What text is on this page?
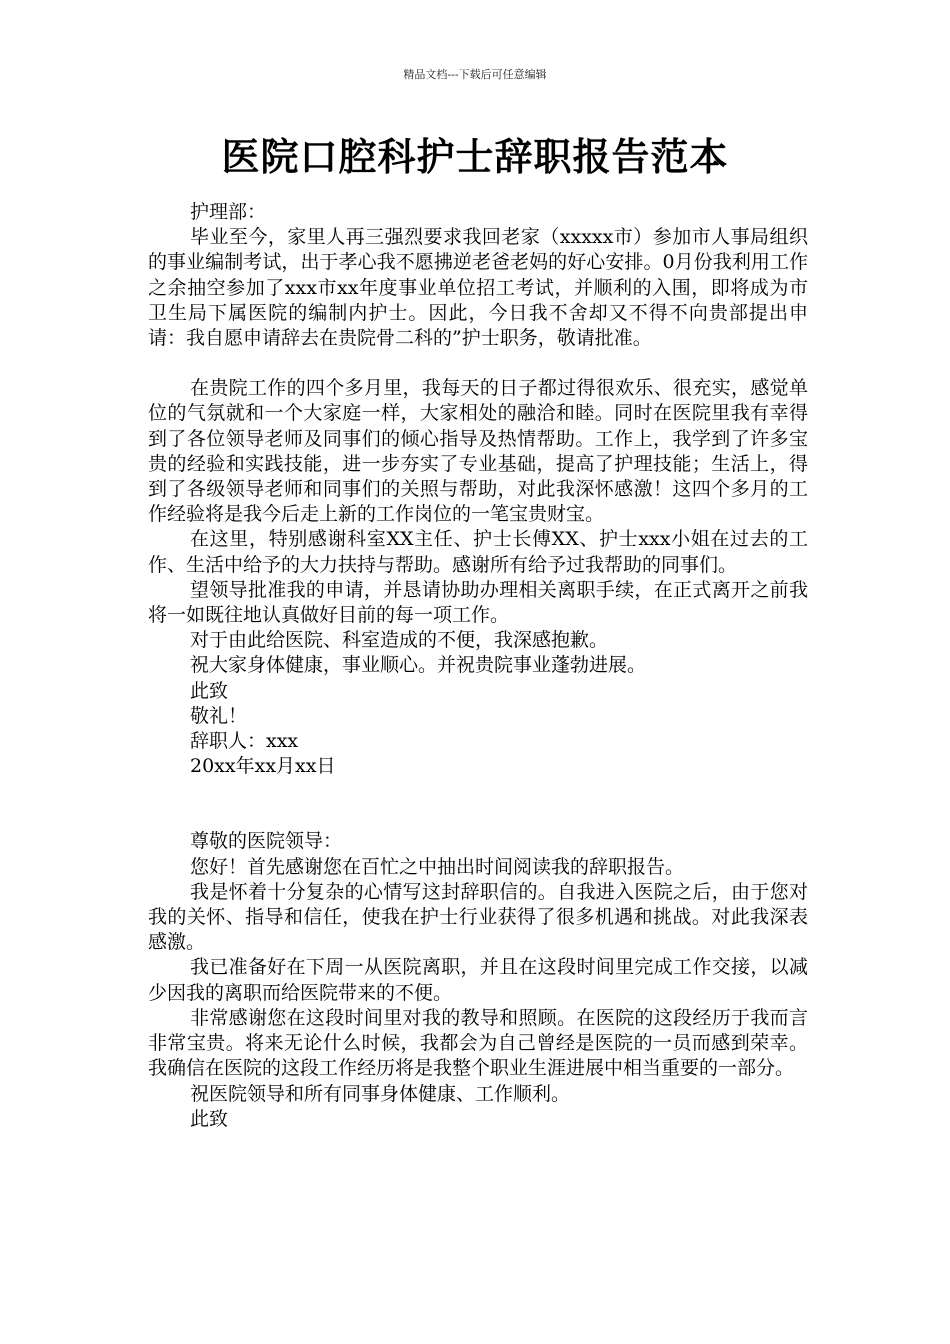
精品文档---下载后可任意编辑
医院口腔科护士辞职报告范本

护理部：

毕业至今，家里人再三强烈要求我回老家（xxxxx市）参加市人事局组织的事业编制考试，出于孝心我不愿拂逆老爸老妈的好心安排。0月份我利用工作之余抽空参加了xxx市xx年度事业单位招工考试，并顺利的入围，即将成为市卫生局下属医院的编制内护士。因此，今日我不舍却又不得不向贵部提出申请：我自愿申请辞去在贵院骨二科的”护士职务，敬请批准。

在贵院工作的四个多月里，我每天的日子都过得很欢乐、很充实，感觉单位的气氛就和一个大家庭一样，大家相处的融洽和睦。同时在医院里我有幸得到了各位领导老师及同事们的倾心指导及热情帮助。工作上，我学到了许多宝贵的经验和实践技能，进一步夯实了专业基础，提高了护理技能；生活上，得到了各级领导老师和同事们的关照与帮助，对此我深怀感激！这四个多月的工作经验将是我今后走上新的工作岗位的一笔宝贵财宝。

在这里，特别感谢科室XX主任、护士长傅XX、护士xxx小姐在过去的工作、生活中给予的大力扶持与帮助。感谢所有给予过我帮助的同事们。

望领导批准我的申请，并恳请协助办理相关离职手续，在正式离开之前我将一如既往地认真做好目前的每一项工作。

对于由此给医院、科室造成的不便，我深感抱歉。

祝大家身体健康，事业顺心。并祝贵院事业蓬勃进展。

此致

敬礼！

辞职人：xxx

20xx年xx月xx日

尊敬的医院领导：

您好！首先感谢您在百忙之中抽出时间阅读我的辞职报告。

我是怀着十分复杂的心情写这封辞职信的。自我进入医院之后，由于您对我的关怀、指导和信任，使我在护士行业获得了很多机遇和挑战。对此我深表感激。

我已准备好在下周一从医院离职，并且在这段时间里完成工作交接，以减少因我的离职而给医院带来的不便。

非常感谢您在这段时间里对我的教导和照顾。在医院的这段经历于我而言非常宝贵。将来无论什么时候，我都会为自己曾经是医院的一员而感到荣幸。我确信在医院的这段工作经历将是我整个职业生涯进展中相当重要的一部分。

祝医院领导和所有同事身体健康、工作顺利。

此致
